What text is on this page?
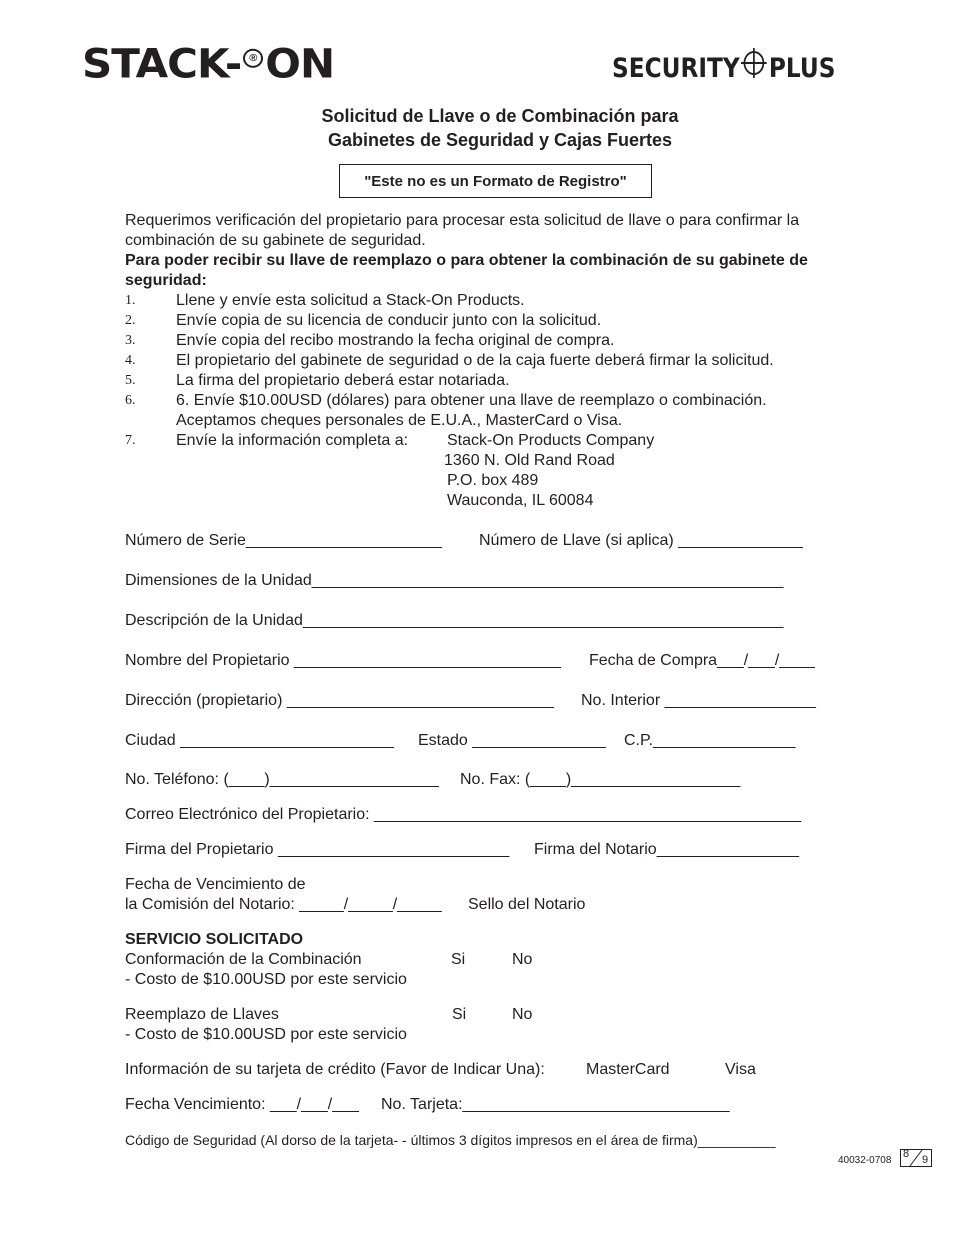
STACK- ® ON	SECURITY PLUS
Solicitud de Llave o de Combinación para
Gabinetes de Seguridad y Cajas Fuertes
"Este no es un Formato de Registro"
Requerimos verificación del propietario para procesar esta solicitud de llave o para confirmar la
combinación de su gabinete de seguridad.
Para poder recibir su llave de reemplazo o para obtener la combinación de su gabinete de
seguridad:
1.	Llene y envíe esta solicitud a Stack-On Products.
2.	Envíe copia de su licencia de conducir junto con la solicitud.
3.	Envíe copia del recibo mostrando la fecha original de compra.
4.	El propietario del gabinete de seguridad o de la caja fuerte deberá firmar la solicitud.
5.	La firma del propietario deberá estar notariada.
6.	6. Envíe $10.00USD (dólares) para obtener una llave de reemplazo o combinación.
Aceptamos cheques personales de E.U.A., MasterCard o Visa.
7.	Envíe la información completa a: Stack-On Products Company
1360 N. Old Rand Road
P.O. box 489
Wauconda, IL 60084
Número de Serie______________________ Número de Llave (si aplica) ______________
Dimensiones de la Unidad_____________________________________________________
Descripción de la Unidad______________________________________________________
Nombre del Propietario ______________________________ Fecha de Compra___/___/____
Dirección (propietario) ______________________________ No. Interior _________________
Ciudad ________________________ Estado _______________ C.P.________________
No. Teléfono: (____)___________________ No. Fax: (____)___________________
Correo Electrónico del Propietario: ________________________________________________
Firma del Propietario __________________________ Firma del Notario________________
Fecha de Vencimiento de
la Comisión del Notario: _____/_____/_____ Sello del Notario
SERVICIO SOLICITADO
Conformación de la Combinación	Si	No
- Costo de $10.00USD por este servicio
Reemplazo de Llaves	Si	No
- Costo de $10.00USD por este servicio
Información de su tarjeta de crédito (Favor de Indicar Una):	MasterCard	Visa
Fecha Vencimiento: ___/___/___ No. Tarjeta:______________________________
Código de Seguridad (Al dorso de la tarjeta- - últimos 3 dígitos impresos en el área de firma)__________
40032-0708
8 9
